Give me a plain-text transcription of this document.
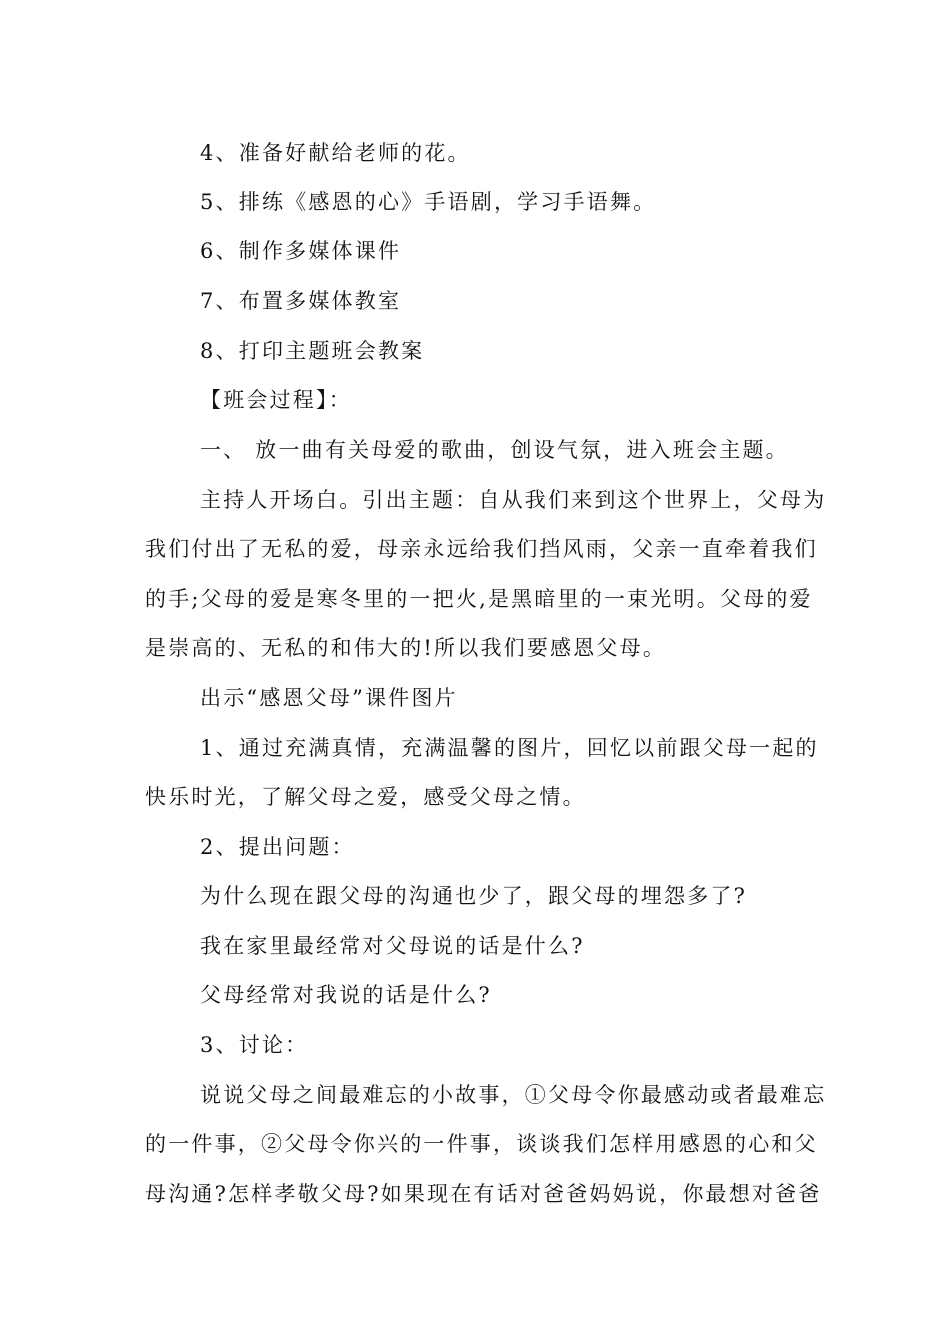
4、准备好献给老师的花。
5、排练《感恩的心》手语剧，学习手语舞。
6、制作多媒体课件
7、布置多媒体教室
8、打印主题班会教案
【班会过程】：
一、 放一曲有关母爱的歌曲，创设气氛，进入班会主题。
主持人开场白。引出主题：自从我们来到这个世界上，父母为
我们付出了无私的爱，母亲永远给我们挡风雨，父亲一直牵着我们
的手;父母的爱是寒冬里的一把火,是黑暗里的一束光明。父母的爱
是崇高的、无私的和伟大的!所以我们要感恩父母。
出示“感恩父母”课件图片
1、通过充满真情，充满温馨的图片，回忆以前跟父母一起的
快乐时光，了解父母之爱，感受父母之情。
2、提出问题：
为什么现在跟父母的沟通也少了，跟父母的埋怨多了?
我在家里最经常对父母说的话是什么?
父母经常对我说的话是什么?
3、讨论：
说说父母之间最难忘的小故事，①父母令你最感动或者最难忘
的一件事，②父母令你兴的一件事，谈谈我们怎样用感恩的心和父
母沟通?怎样孝敬父母?如果现在有话对爸爸妈妈说，你最想对爸爸
